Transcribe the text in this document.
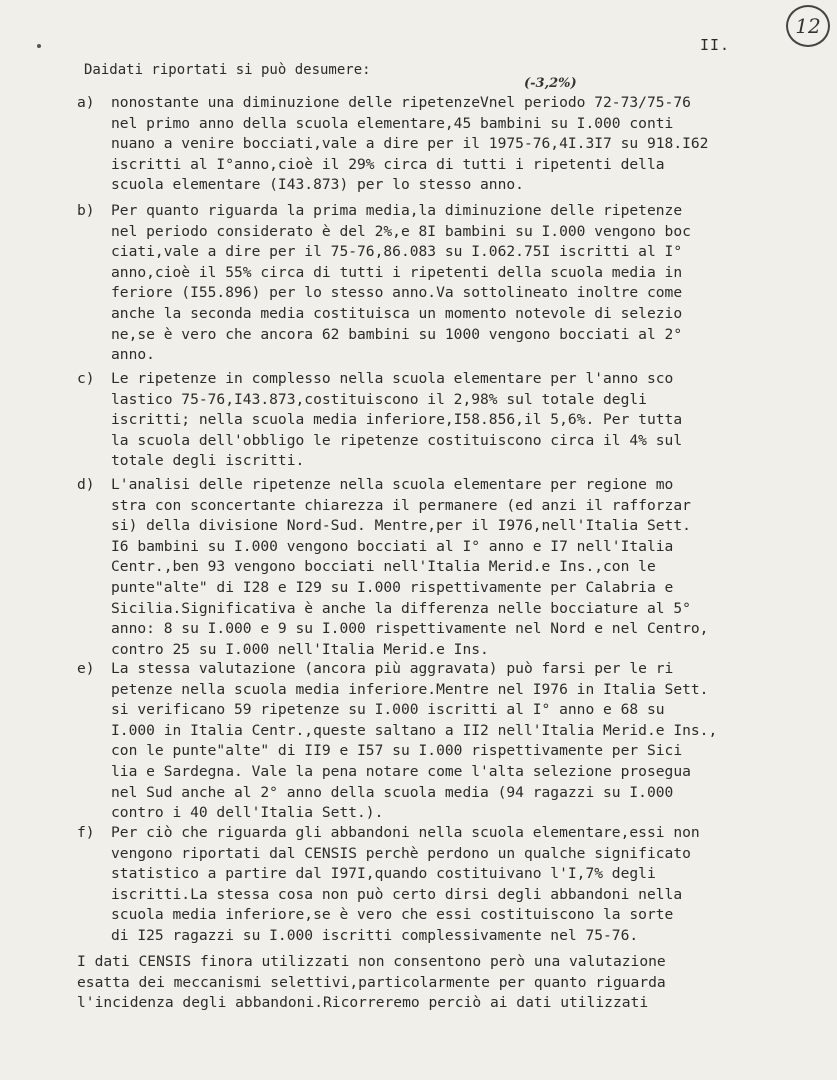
II.
12
(-3,2%)
Daidati riportati si può desumere:
a)	nonostante una diminuzione delle ripetenzeVnel periodo 72-73/75-76
nel primo anno della scuola elementare,45 bambini su I.000 conti
nuano a venire bocciati,vale a dire per il 1975-76,4I.3I7 su 918.I62
iscritti al I°anno,cioè il 29% circa di tutti i ripetenti della
scuola elementare (I43.873) per lo stesso anno.
b)	Per quanto riguarda la prima media,la diminuzione delle ripetenze
nel periodo considerato è del 2%,e 8I bambini su I.000 vengono boc
ciati,vale a dire per il 75-76,86.083 su I.062.75I iscritti al I°
anno,cioè il 55% circa di tutti i ripetenti della scuola media in
feriore (I55.896) per lo stesso anno.Va sottolineato inoltre come
anche la seconda media costituisca un momento notevole di selezio
ne,se è vero che ancora 62 bambini su 1000 vengono bocciati al 2°
anno.
c)	Le ripetenze in complesso nella scuola elementare per l'anno sco
lastico 75-76,I43.873,costituiscono il 2,98% sul totale degli
iscritti; nella scuola media inferiore,I58.856,il 5,6%. Per tutta
la scuola dell'obbligo le ripetenze costituiscono circa il 4% sul
totale degli iscritti.
d)	L'analisi delle ripetenze nella scuola elementare per regione mo
stra con sconcertante chiarezza il permanere (ed anzi il rafforzar
si) della divisione Nord-Sud. Mentre,per il I976,nell'Italia Sett.
I6 bambini su I.000 vengono bocciati al I° anno e I7 nell'Italia
Centr.,ben 93 vengono bocciati nell'Italia Merid.e Ins.,con le
punte"alte" di I28 e I29 su I.000 rispettivamente per Calabria e
Sicilia.Significativa è anche la differenza nelle bocciature al 5°
anno: 8 su I.000 e 9 su I.000 rispettivamente nel Nord e nel Centro,
contro 25 su I.000 nell'Italia Merid.e Ins.
e)	La stessa valutazione (ancora più aggravata) può farsi per le ri
petenze nella scuola media inferiore.Mentre nel I976 in Italia Sett.
si verificano 59 ripetenze su I.000 iscritti al I° anno e 68 su
I.000 in Italia Centr.,queste saltano a II2 nell'Italia Merid.e Ins.,
con le punte"alte" di II9 e I57 su I.000 rispettivamente per Sici
lia e Sardegna. Vale la pena notare come l'alta selezione prosegua
nel Sud anche al 2° anno della scuola media (94 ragazzi su I.000
contro i 40 dell'Italia Sett.).
f)	Per ciò che riguarda gli abbandoni nella scuola elementare,essi non
vengono riportati dal CENSIS perchè perdono un qualche significato
statistico a partire dal I97I,quando costituivano l'I,7% degli
iscritti.La stessa cosa non può certo dirsi degli abbandoni nella
scuola media inferiore,se è vero che essi costituiscono la sorte
di I25 ragazzi su I.000 iscritti complessivamente nel 75-76.
I dati CENSIS finora utilizzati non consentono però una valutazione
esatta dei meccanismi selettivi,particolarmente per quanto riguarda
l'incidenza degli abbandoni.Ricorreremo perciò ai dati utilizzati
